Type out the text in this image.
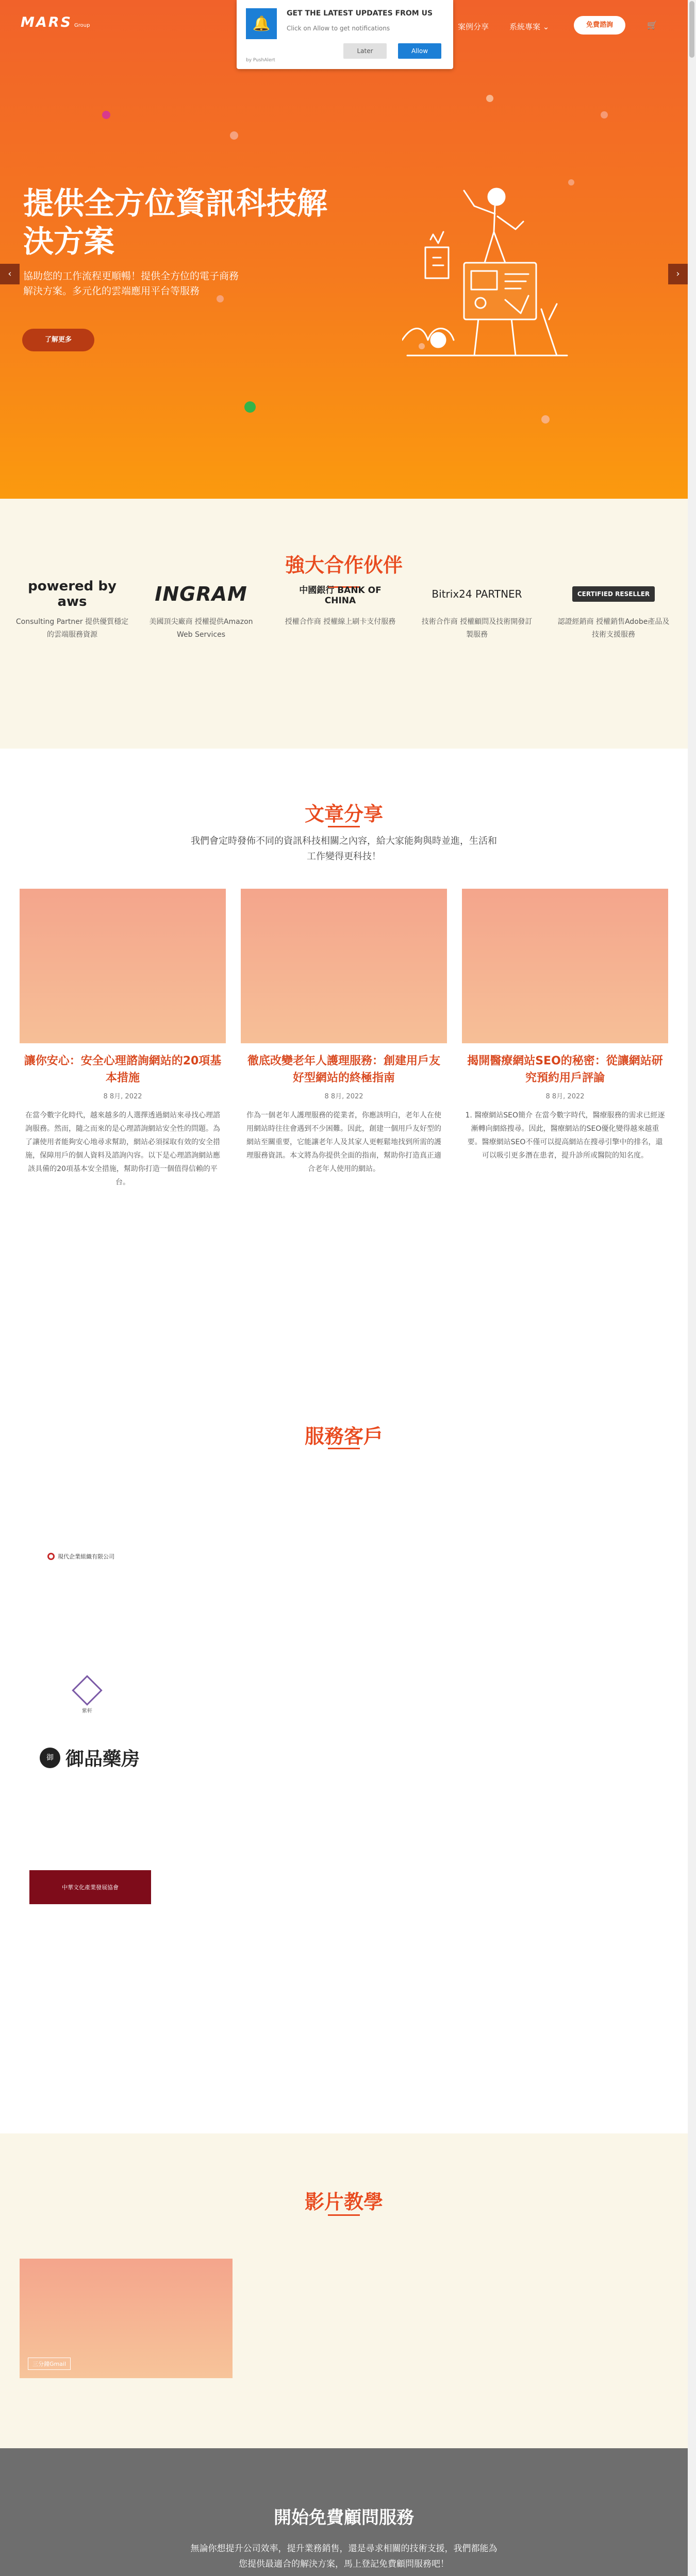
MARS Group	案例分享	系統專案 ⌄	免費諮詢	🛒
提供全方位資訊科技解決方案
協助您的工作流程更順暢！提供全方位的電子商務解決方案。多元化的雲端應用平台等服務
了解更多
‹	›
🔔
GET THE LATEST UPDATES FROM US
Click on Allow to get notifications
Later	Allow
by PushAlert
強大合作伙伴
powered by aws
Consulting Partner 提供優質穩定的雲端服務資源
INGRAM
美國頂尖廠商 授權提供Amazon Web Services
中國銀行 BANK OF CHINA
授權合作商 授權線上刷卡支付服務
Bitrix24 PARTNER
技術合作商 授權顧問及技術開發訂製服務
CERTIFIED RESELLER
認證經銷商 授權銷售Adobe產品及技術支援服務
文章分享
我們會定時發佈不同的資訊科技相關之內容，給大家能夠與時並進，生活和工作變得更科技！
讓你安心：安全心理諮詢網站的20項基本措施
8 8月, 2022
在當今數字化時代，越來越多的人選擇透過網站來尋找心理諮詢服務。然而，隨之而來的是心理諮詢網站安全性的問題。為了讓使用者能夠安心地尋求幫助，網站必須採取有效的安全措施，保障用戶的個人資料及諮詢內容。以下是心理諮詢網站應該具備的20項基本安全措施，幫助你打造一個值得信賴的平台。
徹底改變老年人護理服務：創建用戶友好型網站的終極指南
8 8月, 2022
作為一個老年人護理服務的從業者，你應該明白，老年人在使用網站時往往會遇到不少困難。因此，創建一個用戶友好型的網站至關重要，它能讓老年人及其家人更輕鬆地找到所需的護理服務資訊。本文將為你提供全面的指南，幫助你打造真正適合老年人使用的網站。
揭開醫療網站SEO的秘密：從讓網站研究預約用戶評論
8 8月, 2022
1. 醫療網站SEO簡介 在當今數字時代，醫療服務的需求已經逐漸轉向網絡搜尋。因此，醫療網站的SEO優化變得越來越重要。醫療網站SEO不僅可以提高網站在搜尋引擎中的排名，還可以吸引更多潛在患者，提升診所或醫院的知名度。
服務客戶
現代企業組織有限公司
紫軒
御 御品藥房
中華文化產業發展協會
影片教學
三分鐘Gmail
開始免費顧問服務
無論你想提升公司效率，提升業務銷售，還是尋求相關的技術支援，我們都能為您提供最適合的解決方案，馬上登記免費顧問服務吧！
